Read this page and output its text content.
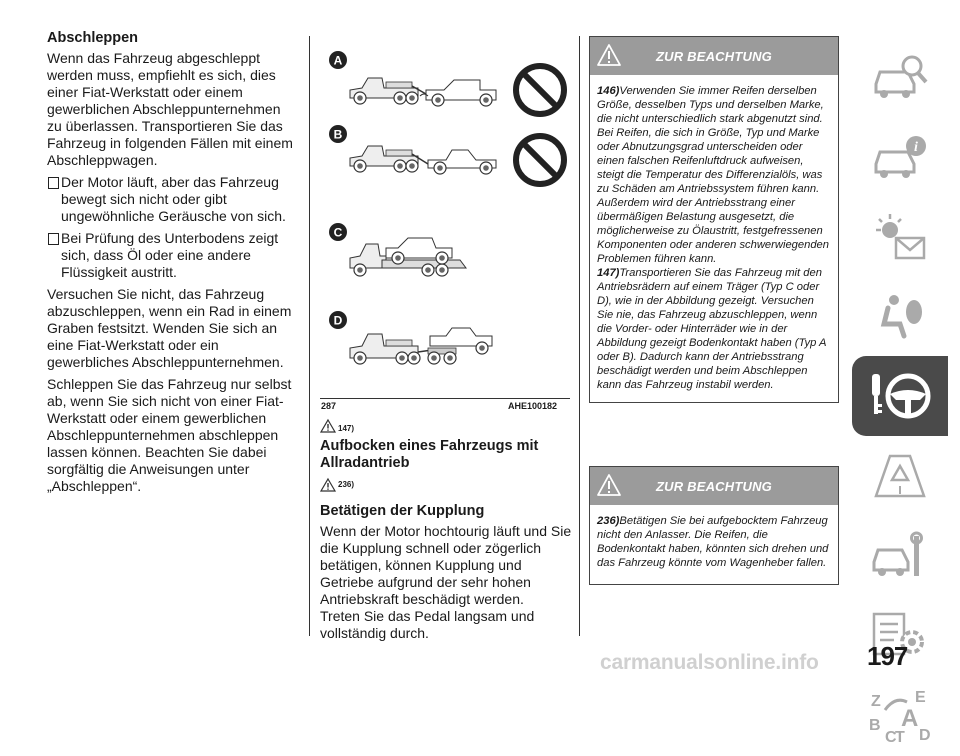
Abschleppen

Wenn das Fahrzeug abgeschleppt werden muss, empfiehlt es sich, dies einer Fiat-Werkstatt oder einem gewerblichen Abschleppunternehmen zu überlassen. Transportieren Sie das Fahrzeug in folgenden Fällen mit einem Abschleppwagen.

Der Motor läuft, aber das Fahrzeug bewegt sich nicht oder gibt ungewöhnliche Geräusche von sich.

Bei Prüfung des Unterbodens zeigt sich, dass Öl oder eine andere Flüssigkeit austritt.

Versuchen Sie nicht, das Fahrzeug abzuschleppen, wenn ein Rad in einem Graben festsitzt. Wenden Sie sich an eine Fiat-Werkstatt oder ein gewerbliches Abschleppunternehmen.

Schleppen Sie das Fahrzeug nur selbst ab, wenn Sie sich nicht von einer Fiat-Werkstatt oder einem gewerblichen Abschleppunternehmen abschleppen lassen können. Beachten Sie dabei sorgfältig die Anweisungen unter „Abschleppen“.

A
B
C
D
287	AHE100182
147)
Aufbocken eines Fahrzeugs mit Allradantrieb
236)
Betätigen der Kupplung

Wenn der Motor hochtourig läuft und Sie die Kupplung schnell oder zögerlich betätigen, können Kupplung und Getriebe aufgrund der sehr hohen Antriebskraft beschädigt werden.

Treten Sie das Pedal langsam und vollständig durch.

ZUR BEACHTUNG

146)Verwenden Sie immer Reifen derselben Größe, desselben Typs und derselben Marke, die nicht unterschiedlich stark abgenutzt sind. Bei Reifen, die sich in Größe, Typ und Marke oder Abnutzungsgrad unterscheiden oder einen falschen Reifenluftdruck aufweisen, steigt die Temperatur des Differenzialöls, was zu Schäden am Antriebssystem führen kann. Außerdem wird der Antriebsstrang einer übermäßigen Belastung ausgesetzt, die möglicherweise zu Ölaustritt, festgefressenen Komponenten oder anderen schwerwiegenden Problemen führen kann.

147)Transportieren Sie das Fahrzeug mit den Antriebsrädern auf einem Träger (Typ C oder D), wie in der Abbildung gezeigt. Versuchen Sie nie, das Fahrzeug abzuschleppen, wenn die Vorder- oder Hinterräder wie in der Abbildung gezeigt Bodenkontakt haben (Typ A oder B). Dadurch kann der Antriebsstrang beschädigt werden und beim Abschleppen kann das Fahrzeug instabil werden.

ZUR BEACHTUNG

236)Betätigen Sie bei aufgebocktem Fahrzeug nicht den Anlasser. Die Reifen, die Bodenkontakt haben, könnten sich drehen und das Fahrzeug könnte vom Wagenheber fallen.

i
Z E
B A
C
T D
197
carmanualsonline.info
